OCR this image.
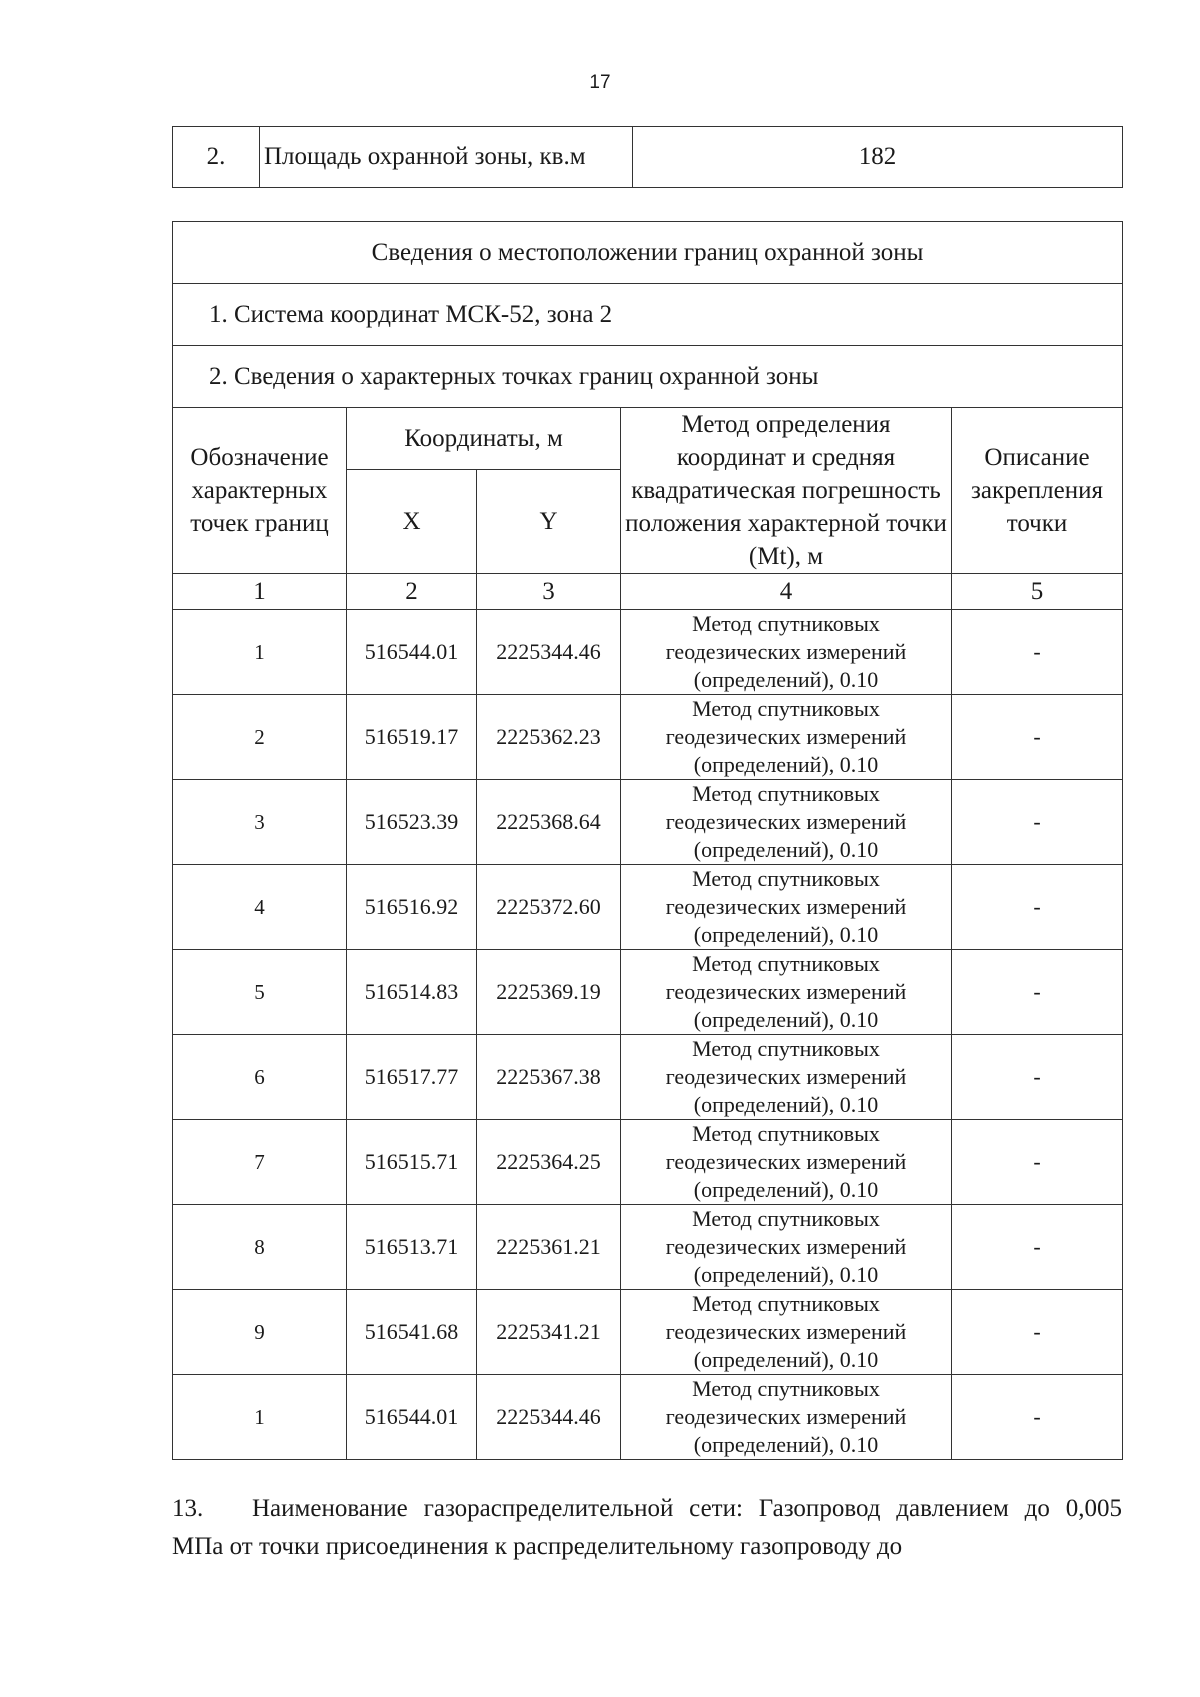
17
2.	Площадь охранной зоны, кв.м	182
Сведения о местоположении границ охранной зоны				
1. Система координат МСК-52, зона 2				
2. Сведения о характерных точках границ охранной зоны				
Обозначение характерных точек границ	Координаты, м		Метод определения координат и средняя квадратическая погрешность положения характерной точки (Mt), м	Описание закрепления точки
	X	Y		
1	2	3	4	5
1	516544.01	2225344.46	Метод спутниковых геодезических измерений (определений), 0.10	-
2	516519.17	2225362.23	Метод спутниковых геодезических измерений (определений), 0.10	-
3	516523.39	2225368.64	Метод спутниковых геодезических измерений (определений), 0.10	-
4	516516.92	2225372.60	Метод спутниковых геодезических измерений (определений), 0.10	-
5	516514.83	2225369.19	Метод спутниковых геодезических измерений (определений), 0.10	-
6	516517.77	2225367.38	Метод спутниковых геодезических измерений (определений), 0.10	-
7	516515.71	2225364.25	Метод спутниковых геодезических измерений (определений), 0.10	-
8	516513.71	2225361.21	Метод спутниковых геодезических измерений (определений), 0.10	-
9	516541.68	2225341.21	Метод спутниковых геодезических измерений (определений), 0.10	-
1	516544.01	2225344.46	Метод спутниковых геодезических измерений (определений), 0.10	-
13. Наименование газораспределительной сети: Газопровод давлением до 0,005 МПа от точки присоединения к распределительному газопроводу до
